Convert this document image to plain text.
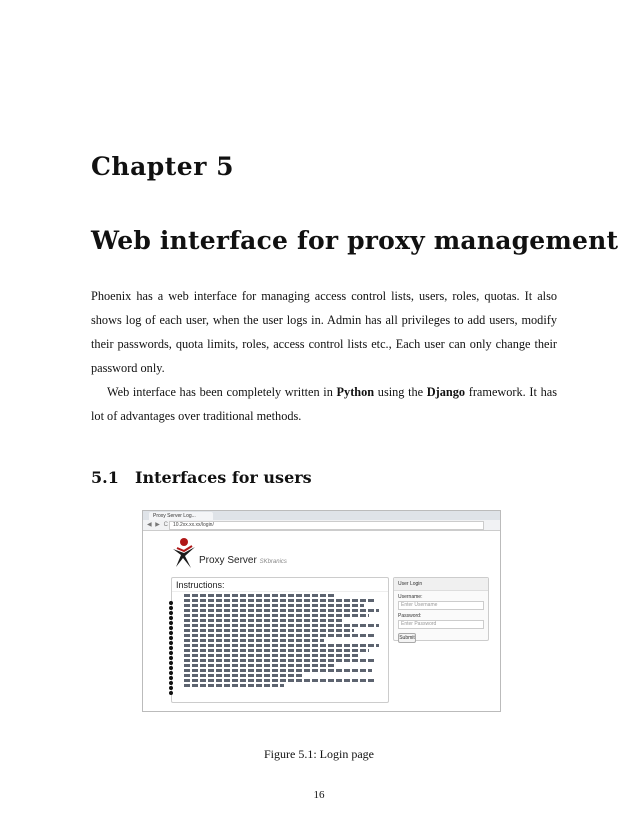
Chapter 5
Web interface for proxy management

Phoenix has a web interface for managing access control lists, users, roles, quotas. It also shows log of each user, when the user logs in. Admin has all privileges to add users, modify their passwords, quota limits, roles, access control lists etc., Each user can only change their password only.

Web interface has been completely written in Python using the Django framework. It has lot of advantages over traditional methods.

5.1 Interfaces for users
Proxy Server Log...
◀ ▶ C 10.2xx.xx.xx/login/
Proxy Server SKbranics
Instructions:
•
•
•
•
•
•
•
•
•
•
•
•
•
•
•
•
•
•
•	User Login
Username:
Enter Username
Password:
Enter Password
Submit

Figure 5.1: Login page

16
